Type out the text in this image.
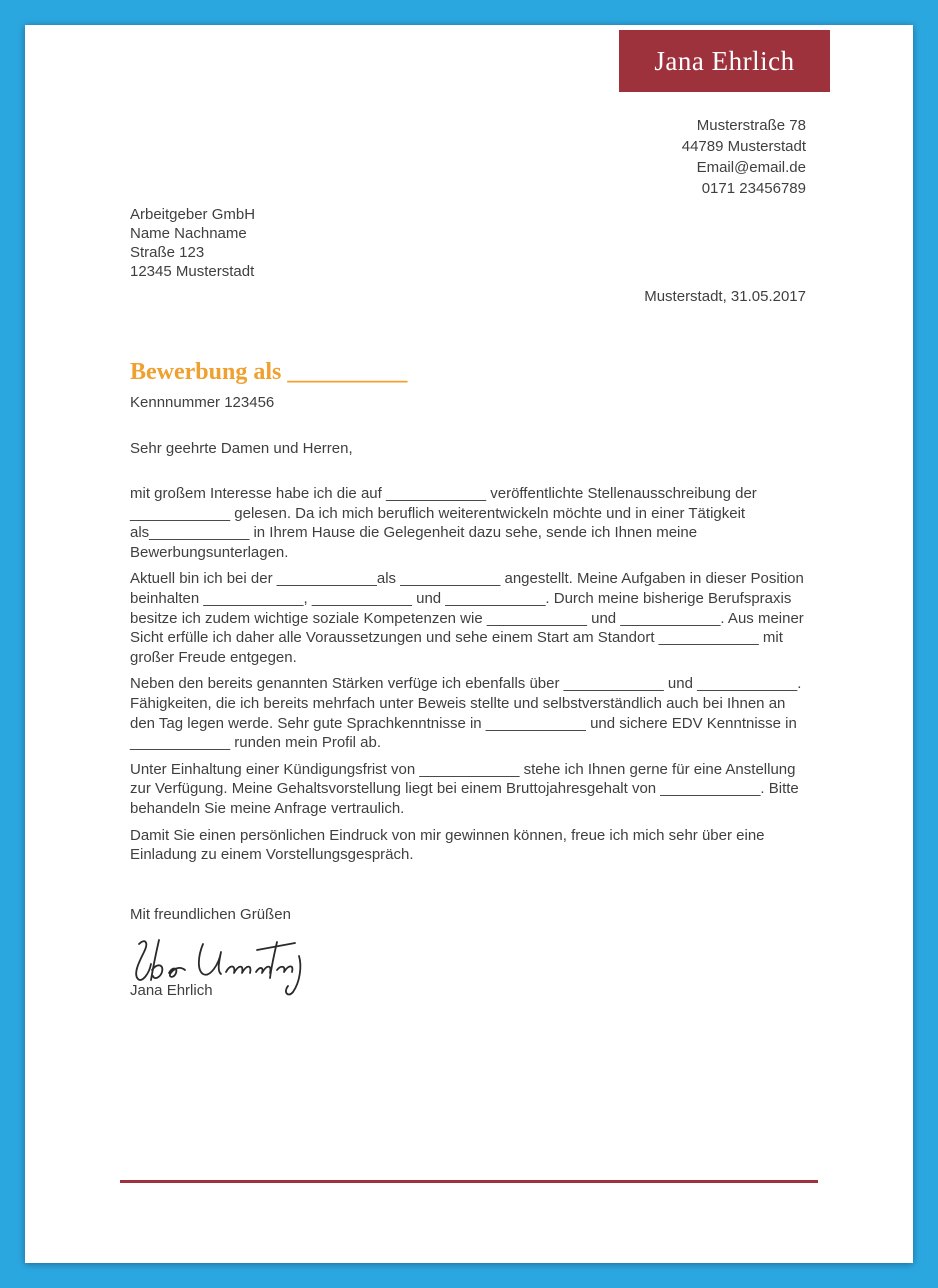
Jana Ehrlich
Musterstraße 78
44789 Musterstadt
Email@email.de
0171 23456789
Arbeitgeber GmbH
Name Nachname
Straße 123
12345 Musterstadt
Musterstadt, 31.05.2017
Bewerbung als __________
Kennnummer 123456
Sehr geehrte Damen und Herren,

mit großem Interesse habe ich die auf ____________ veröffentlichte Stellenausschreibung der ____________ gelesen. Da ich mich beruflich weiterentwickeln möchte und in einer Tätigkeit als____________ in Ihrem Hause die Gelegenheit dazu sehe, sende ich Ihnen meine Bewerbungsunterlagen.

Aktuell bin ich bei der ____________als ____________ angestellt. Meine Aufgaben in dieser Position beinhalten ____________, ____________ und ____________. Durch meine bisherige Berufspraxis besitze ich zudem wichtige soziale Kompetenzen wie ____________ und ____________. Aus meiner Sicht erfülle ich daher alle Voraussetzungen und sehe einem Start am Standort ____________ mit großer Freude entgegen.

Neben den bereits genannten Stärken verfüge ich ebenfalls über ____________ und ____________. Fähigkeiten, die ich bereits mehrfach unter Beweis stellte und selbstverständlich auch bei Ihnen an den Tag legen werde. Sehr gute Sprachkenntnisse in ____________ und sichere EDV Kenntnisse in ____________ runden mein Profil ab.

Unter Einhaltung einer Kündigungsfrist von ____________ stehe ich Ihnen gerne für eine Anstellung zur Verfügung. Meine Gehaltsvorstellung liegt bei einem Bruttojahresgehalt von ____________. Bitte behandeln Sie meine Anfrage vertraulich.

Damit Sie einen persönlichen Eindruck von mir gewinnen können, freue ich mich sehr über eine Einladung zu einem Vorstellungsgespräch.

Mit freundlichen Grüßen
Jana Ehrlich
